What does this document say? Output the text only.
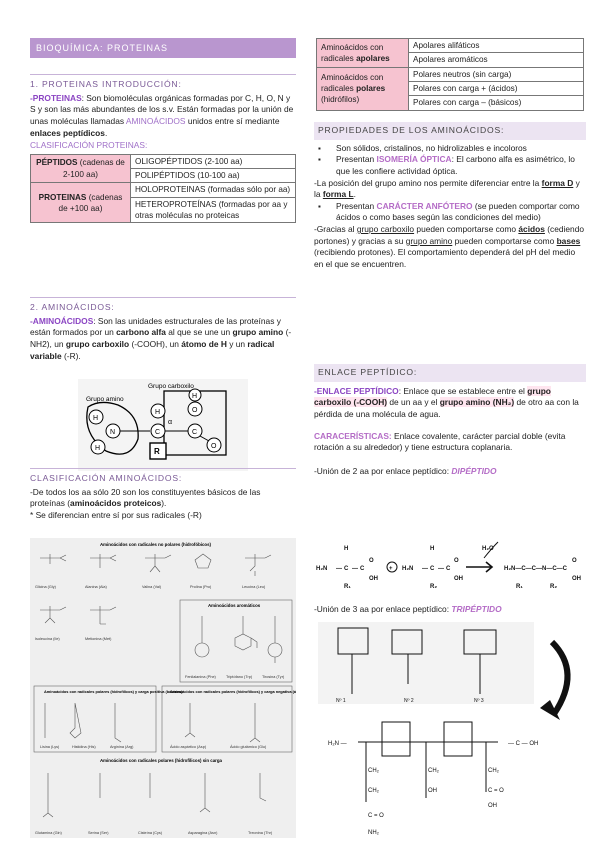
BIOQUÍMICA: PROTEINAS
1. PROTEINAS INTRODUCCIÓN:

-PROTEINAS: Son biomoléculas orgánicas formadas por C, H, O, N y S y son las más abundantes de los s.v. Están formadas por la unión de unas moléculas llamadas AMINOÁCIDOS unidos entre sí mediante enlaces peptídicos.

CLASIFICACIÓN PROTEINAS:
PÉPTIDOS (cadenas de 2-100 aa)	OLIGOPÉPTIDOS (2-100 aa)
	POLIPÉPTIDOS (10-100 aa)
PROTEINAS (cadenas de +100 aa)	HOLOPROTEINAS (formadas sólo por aa)
	HETEROPROTEÍNAS (formadas por aa y otras moléculas no proteicas
2. AMINOÁCIDOS:

-AMINOÁCIDOS: Son las unidades estructurales de las proteínas y están formados por un carbono alfa al que se une un grupo amino (-NH2), un grupo carboxilo (-COOH), un átomo de H y un radical variable (-R).

Grupo carboxilo
Grupo amino
H
N
H
C
α
H
R
C
O
H
O
CLASIFICACIÓN AMINOÁCIDOS:

-De todos los aa sólo 20 son los constituyentes básicos de las proteínas (aminoácidos proteicos).

* Se diferencian entre sí por sus radicales (-R)

Aminoácidos con radicales no polares (hidrofóbicos)
Glicina (Gly)	Alanina (Ala)	Valina (Val)	Prolina (Pro)	Leucina (Leu)
Isoleucina (Ile)	Metionina (Met)
Aminoácidos aromáticos
Fenilalanina (Phe)	Triptófano (Trp)	Tirosina (Tyr)
Aminoácidos con radicales polares (hidrofílicos) y carga positiva (básicos)
Lisina (Lys)	Histidina (His)	Arginina (Arg)
Aminoácidos con radicales polares (hidrofílicos) y carga negativa (ácidos)
Ácido aspártico (Asp)	Ácido glutámico (Glu)
Aminoácidos con radicales polares (hidrofílicos) sin carga
Glutamina (Gln)	Serina (Ser)	Cisteína (Cys)	Asparagina (Asn)	Treonina (Thr)
Aminoácidos con radicales apolares	Apolares alifáticos
	Apolares aromáticos
Aminoácidos con radicales polares (hidrófilos)	Polares neutros (sin carga)
	Polares con carga + (ácidos)
	Polares con carga – (básicos)
PROPIEDADES DE LOS AMINOÁCIDOS:
▪ Son sólidos, cristalinos, no hidrolizables e incoloros
▪ Presentan ISOMERÍA ÓPTICA: El carbono alfa es asimétrico, lo que les confiere actividad óptica.

-La posición del grupo amino nos permite diferenciar entre la forma D y la forma L.

▪ Presentan CARÁCTER ANFÓTERO (se pueden comportar como ácidos o como bases según las condiciones del medio)

-Gracias al grupo carboxilo pueden comportarse como ácidos (cediendo portones) y gracias a su grupo amino pueden comportarse como bases (recibiendo protones). El comportamiento dependerá del pH del medio en el que se encuentren.

ENLACE PEPTÍDICO:

-ENLACE PEPTÍDICO: Enlace que se establece entre el grupo carboxilo (-COOH) de un aa y el grupo amino (NH₂) de otro aa con la pérdida de una molécula de agua.

CARACERÍSTICAS: Enlace covalente, carácter parcial doble (evita rotación a su alrededor) y tiene estructura coplanaria.

-Unión de 2 aa por enlace peptídico: DIPÉPTIDO

H₂N — C — C
H
R₁
O
OH
+ H₂N — C — C
H
R₂
O
OH
H₂O
H₂N—C—C—N—C—C
O
OH
R₁	R₂

-Unión de 3 aa por enlace peptídico: TRIPÉPTIDO

Nº 1	Nº 2	Nº 3
H₂N —	— C — OH
CH₂	CH₂	CH₂
CH₂	OH	C = O
C = O
OH
NH₂
